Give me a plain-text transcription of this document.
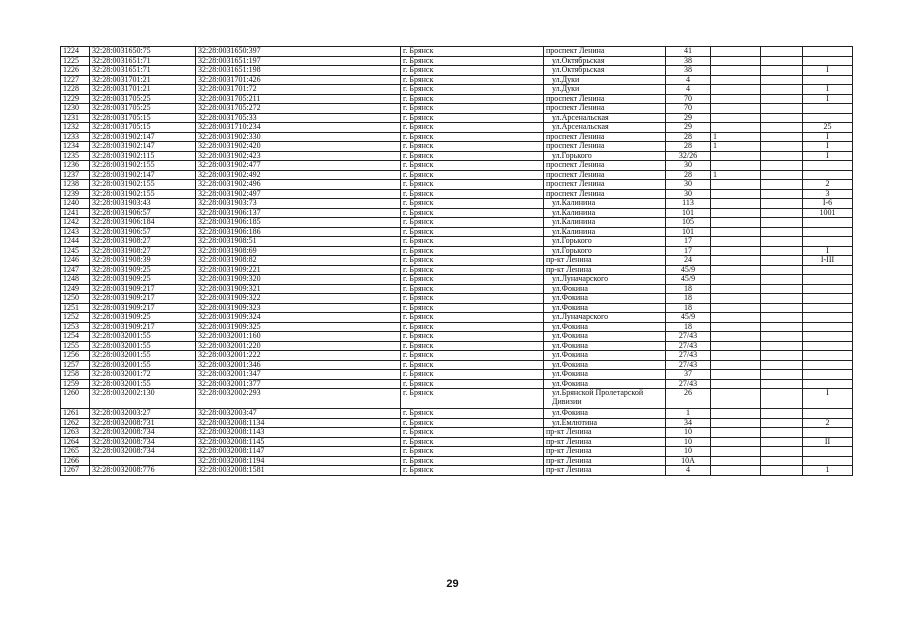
1224	32:28:0031650:75	32:28:0031650:397	г. Брянск	проспект Ленина	41			
1225	32:28:0031651:71	32:28:0031651:197	г. Брянск	ул.Октябрьская	38			
1226	32:28:0031651:71	32:28:0031651:198	г. Брянск	ул.Октябрьская	38			I
1227	32:28:0031701:21	32:28:0031701:426	г. Брянск	ул.Дуки	4			
1228	32:28:0031701:21	32:28:0031701:72	г. Брянск	ул.Дуки	4			I
1229	32:28:0031705:25	32:28:0031705:211	г. Брянск	проспект Ленина	70			I
1230	32:28:0031705:25	32:28:0031705:272	г. Брянск	проспект Ленина	70			
1231	32:28:0031705:15	32:28:0031705:33	г. Брянск	ул.Арсенальская	29			
1232	32:28:0031705:15	32:28:0031710:234	г. Брянск	ул.Арсенальская	29			25
1233	32:28:0031902:147	32:28:0031902:330	г. Брянск	проспект Ленина	28	1		I
1234	32:28:0031902:147	32:28:0031902:420	г. Брянск	проспект Ленина	28	1		I
1235	32:28:0031902:115	32:28:0031902:423	г. Брянск	ул.Горького	32/26			I
1236	32:28:0031902:155	32:28:0031902:477	г. Брянск	проспект Ленина	30			
1237	32:28:0031902:147	32:28:0031902:492	г. Брянск	проспект Ленина	28	1		
1238	32:28:0031902:155	32:28:0031902:496	г. Брянск	проспект Ленина	30			2
1239	32:28:0031902:155	32:28:0031902:497	г. Брянск	проспект Ленина	30			3
1240	32:28:0031903:43	32:28:0031903:73	г. Брянск	ул.Калинина	113			I-6
1241	32:28:0031906:57	32:28:0031906:137	г. Брянск	ул.Калинина	101			1001
1242	32:28:0031906:184	32:28:0031906:185	г. Брянск	ул.Калинина	105			
1243	32:28:0031906:57	32:28:0031906:186	г. Брянск	ул.Калинина	101			
1244	32:28:0031908:27	32:28:0031908:51	г. Брянск	ул.Горького	17			
1245	32:28:0031908:27	32:28:0031908:69	г. Брянск	ул.Горького	17			I
1246	32:28:0031908:39	32:28:0031908:82	г. Брянск	пр-кт Ленина	24			I-III
1247	32:28:0031909:25	32:28:0031909:221	г. Брянск	пр-кт Ленина	45/9			
1248	32:28:0031909:25	32:28:0031909:320	г. Брянск	ул.Луначарского	45/9			
1249	32:28:0031909:217	32:28:0031909:321	г. Брянск	ул.Фокина	18			
1250	32:28:0031909:217	32:28:0031909:322	г. Брянск	ул.Фокина	18			
1251	32:28:0031909:217	32:28:0031909:323	г. Брянск	ул.Фокина	18			
1252	32:28:0031909:25	32:28:0031909:324	г. Брянск	ул.Луначарского	45/9			
1253	32:28:0031909:217	32:28:0031909:325	г. Брянск	ул.Фокина	18			
1254	32:28:0032001:55	32:28:0032001:160	г. Брянск	ул.Фокина	27/43			
1255	32:28:0032001:55	32:28:0032001:220	г. Брянск	ул.Фокина	27/43			
1256	32:28:0032001:55	32:28:0032001:222	г. Брянск	ул.Фокина	27/43			
1257	32:28:0032001:55	32:28:0032001:346	г. Брянск	ул.Фокина	27/43			
1258	32:28:0032001:72	32:28:0032001:347	г. Брянск	ул.Фокина	37			
1259	32:28:0032001:55	32:28:0032001:377	г. Брянск	ул.Фокина	27/43			
1260	32:28:0032002:130	32:28:0032002:293	г. Брянск	ул.Брянской Пролетарской Дивизии	26			I
1261	32:28:0032003:27	32:28:0032003:47	г. Брянск	ул.Фокина	1			
1262	32:28:0032008:731	32:28:0032008:1134	г. Брянск	ул.Емлютина	34			2
1263	32:28:0032008:734	32:28:0032008:1143	г. Брянск	пр-кт Ленина	10			
1264	32:28:0032008:734	32:28:0032008:1145	г. Брянск	пр-кт Ленина	10			II
1265	32:28:0032008:734	32:28:0032008:1147	г. Брянск	пр-кт Ленина	10			
1266		32:28:0032008:1194	г. Брянск	пр-кт Ленина	10А			
1267	32:28:0032008:776	32:28:0032008:1581	г. Брянск	пр-кт Ленина	4			1
29
